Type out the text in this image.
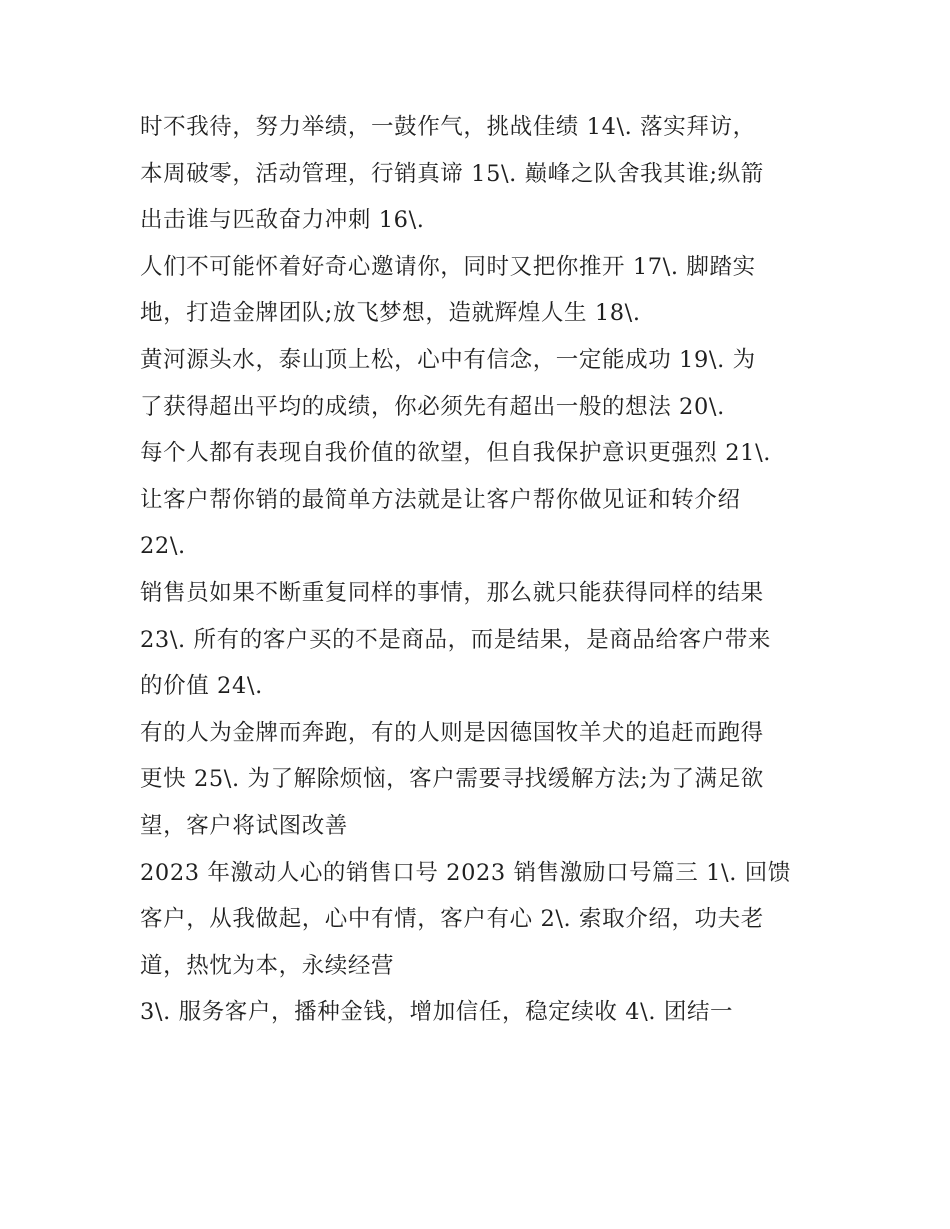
时不我待，努力举绩，一鼓作气，挑战佳绩 14\. 落实拜访，
本周破零，活动管理，行销真谛 15\. 巅峰之队舍我其谁;纵箭
出击谁与匹敌奋力冲刺 16\.
人们不可能怀着好奇心邀请你，同时又把你推开 17\. 脚踏实
地，打造金牌团队;放飞梦想，造就辉煌人生 18\.
黄河源头水，泰山顶上松，心中有信念，一定能成功 19\. 为
了获得超出平均的成绩，你必须先有超出一般的想法 20\.
每个人都有表现自我价值的欲望，但自我保护意识更强烈 21\.
让客户帮你销的最简单方法就是让客户帮你做见证和转介绍
22\.
销售员如果不断重复同样的事情，那么就只能获得同样的结果
23\. 所有的客户买的不是商品，而是结果，是商品给客户带来
的价值 24\.
有的人为金牌而奔跑，有的人则是因德国牧羊犬的追赶而跑得
更快 25\. 为了解除烦恼，客户需要寻找缓解方法;为了满足欲
望，客户将试图改善
2023 年激动人心的销售口号 2023 销售激励口号篇三 1\. 回馈
客户，从我做起，心中有情，客户有心 2\. 索取介绍，功夫老
道，热忱为本，永续经营
3\. 服务客户，播种金钱，增加信任，稳定续收 4\. 团结一
